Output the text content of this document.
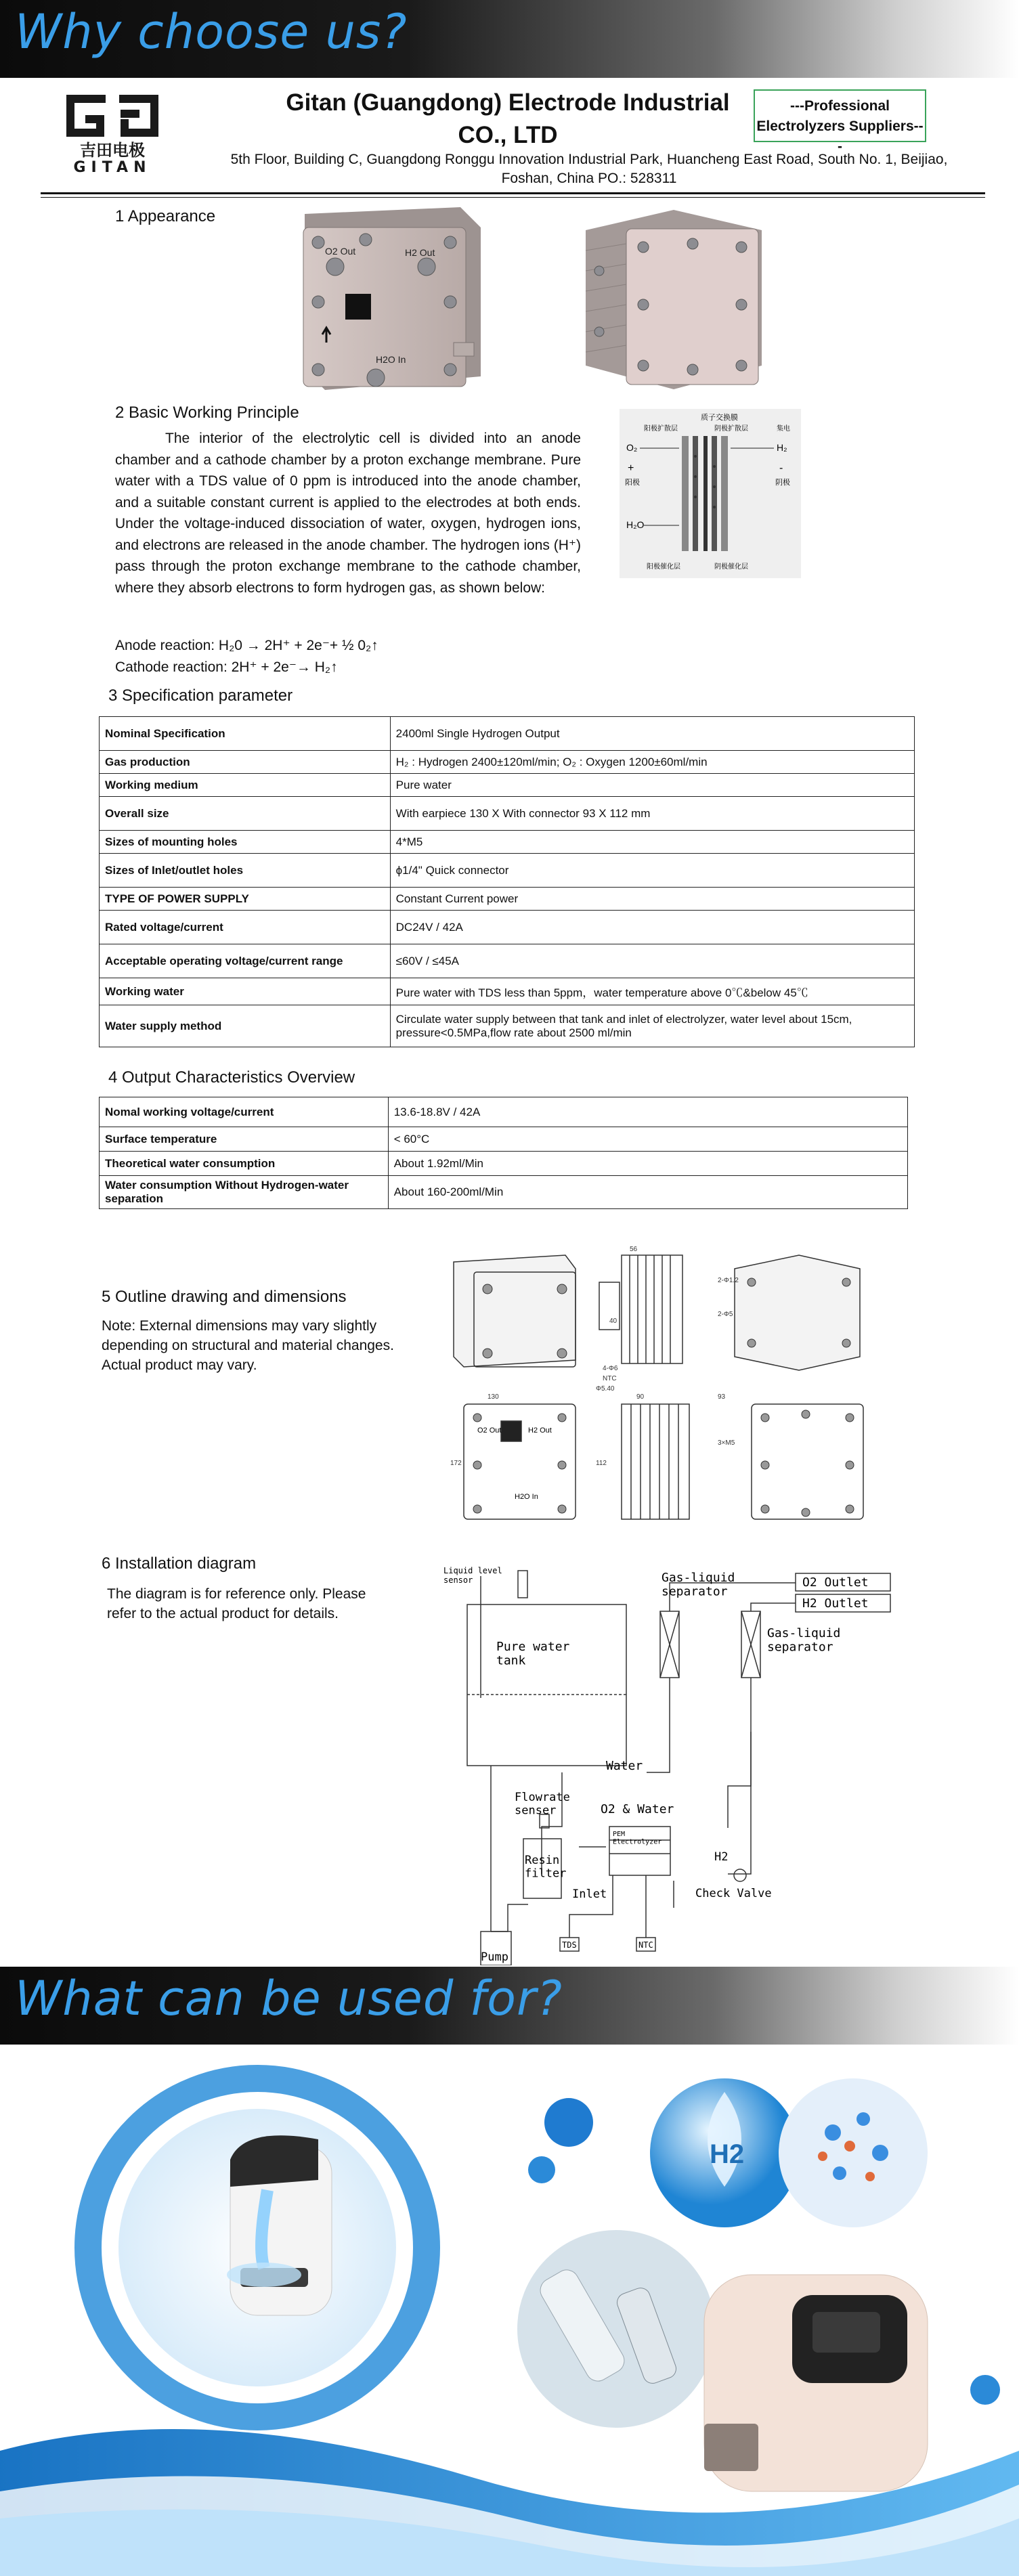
Why choose us?
吉田电极
GITAN
Gitan (Guangdong) Electrode Industrial
CO., LTD
---Professional
Electrolyzers Suppliers---
5th Floor, Building C, Guangdong Ronggu Innovation Industrial Park, Huancheng East Road, South No. 1, Beijiao,
Foshan, China PO.: 528311
1 Appearance
O2 Out	H2 Out
H2O In
2 Basic Working Principle
The interior of the electrolytic cell is divided into an anode chamber and a cathode chamber by a proton exchange membrane. Pure water with a TDS value of 0 ppm is introduced into the anode chamber, and a suitable constant current is applied to the electrodes at both ends. Under the voltage-induced dissociation of water, oxygen, hydrogen ions, and electrons are released in the anode chamber. The hydrogen ions (H⁺) pass through the proton exchange membrane to the cathode chamber, where they absorb electrons to form hydrogen gas, as shown below:
Anode reaction: H₂0 → 2H⁺ + 2e⁻+ ½ 0₂↑
Cathode reaction: 2H⁺ + 2e⁻→ H₂↑
质子交换膜
阳极扩散层	阴极扩散层	集电
O₂	H₂
+	-
阳极	阴极
H₂O
阳极催化层	阴极催化层
3 Specification parameter
Nominal Specification	2400ml Single Hydrogen Output
Gas production	H₂ : Hydrogen 2400±120ml/min; O₂ : Oxygen 1200±60ml/min
Working medium	Pure water
Overall size	With earpiece 130 X With connector 93 X 112 mm
Sizes of mounting holes	4*M5
Sizes of Inlet/outlet holes	ϕ1/4" Quick connector
TYPE OF POWER SUPPLY	Constant Current power
Rated voltage/current	DC24V / 42A
Acceptable operating voltage/current range	≤60V / ≤45A
Working water	Pure water with TDS less than 5ppm，water temperature above 0℃&below 45℃
Water supply method	Circulate water supply between that tank and inlet of electrolyzer, water level about 15cm, pressure<0.5MPa,flow rate about 2500 ml/min
4 Output Characteristics Overview
Nomal working voltage/current	13.6-18.8V / 42A
Surface temperature	< 60°C
Theoretical water consumption	About 1.92ml/Min
Water consumption Without Hydrogen-water separation	About 160-200ml/Min
5 Outline drawing and dimensions
Note: External dimensions may vary slightly depending on structural and material changes. Actual product may vary.
O2 Out	H2 Out
H2O In
56
4-Φ6
130	90	93
2-Φ1.2
2-Φ5
40
Φ5.40
NTC
172	112
3×M5
6 Installation diagram
The diagram is for reference only. Please refer to the actual product for details.
Liquid level sensor
Pure water tank
Gas-liquid separator
Gas-liquid separator
O2 Outlet
H2 Outlet
Water
O2 & Water
Flowrate senser
Resin filter
Inlet
PEM Electrolyzer
H2
Check Valve
Pump
TDS	NTC
What can be used for?
H2
